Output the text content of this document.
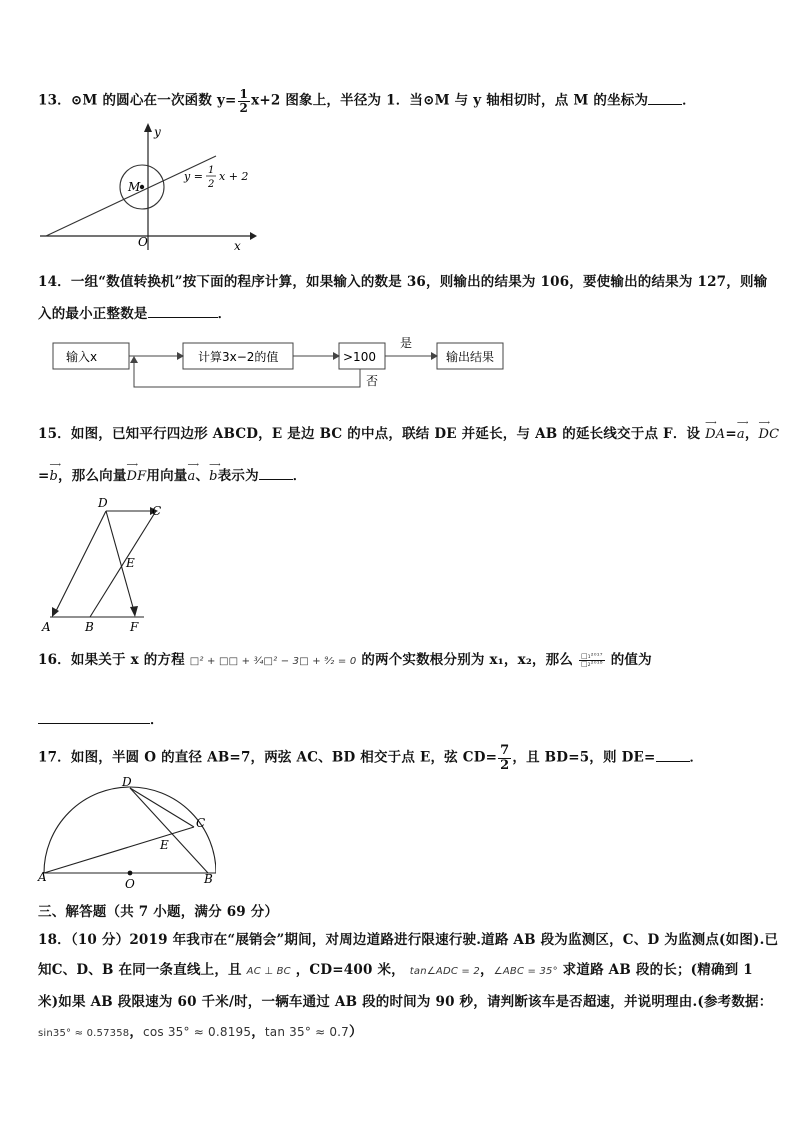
13．⊙M 的圆心在一次函数 $y= \frac{1}{2} x+2$ 图象上，半径为 1．当⊙M 与 y 轴相切时，点 M 的坐标为	．
y
x
O
M
y = 1
2
x + 2
14．一组“数值转换机”按下面的程序计算，如果输入的数是 36，则输出的结果为 106，要使输出的结果为 127，则输
入的最小正整数是	．
输入x	计算3x−2的值	>100	输出结果
是
否
15．如图，已知平行四边形 ABCD，E 是边 BC 的中点，联结 DE 并延长，与 AB 的延长线交于点 F．设 ⟶ DA=⟶ a，⟶ DC
=⟶ b，那么向量⟶ DF用向量⟶ a、⟶ b表示为	．
D
C
E
A	B	F
16．如果关于 x 的方程 □² + □□ + ¾□² − 3□ + ⁹⁄₂ = 0 的两个实数根分别为 x₁，x₂，那么 $\frac{\text{□₁²⁰¹⁷}}{\text{□₂²⁰¹⁸}}$ 的值为
．
17．如图，半圆 O 的直径 AB=7，两弦 AC、BD 相交于点 E，弦 $CD= \frac{7}{2}$ ，且 BD=5，则 DE=	．
D
C
E
A	B
O
三、解答题（共 7 小题，满分 69 分）
18．（10 分）2019 年我市在“展销会”期间，对周边道路进行限速行驶.道路 AB 段为监测区，C、D 为监测点(如图).已
知C、D、B 在同一条直线上，且 AC ⊥ BC ，CD=400 米， tan∠ADC = 2，∠ABC = 35° 求道路 AB 段的长；(精确到 1
米)如果 AB 段限速为 60 千米/时，一辆车通过 AB 段的时间为 90 秒，请判断该车是否超速，并说明理由.(参考数据：
sin35° ≈ 0.57358，cos 35° ≈ 0.8195，tan 35° ≈ 0.7）
